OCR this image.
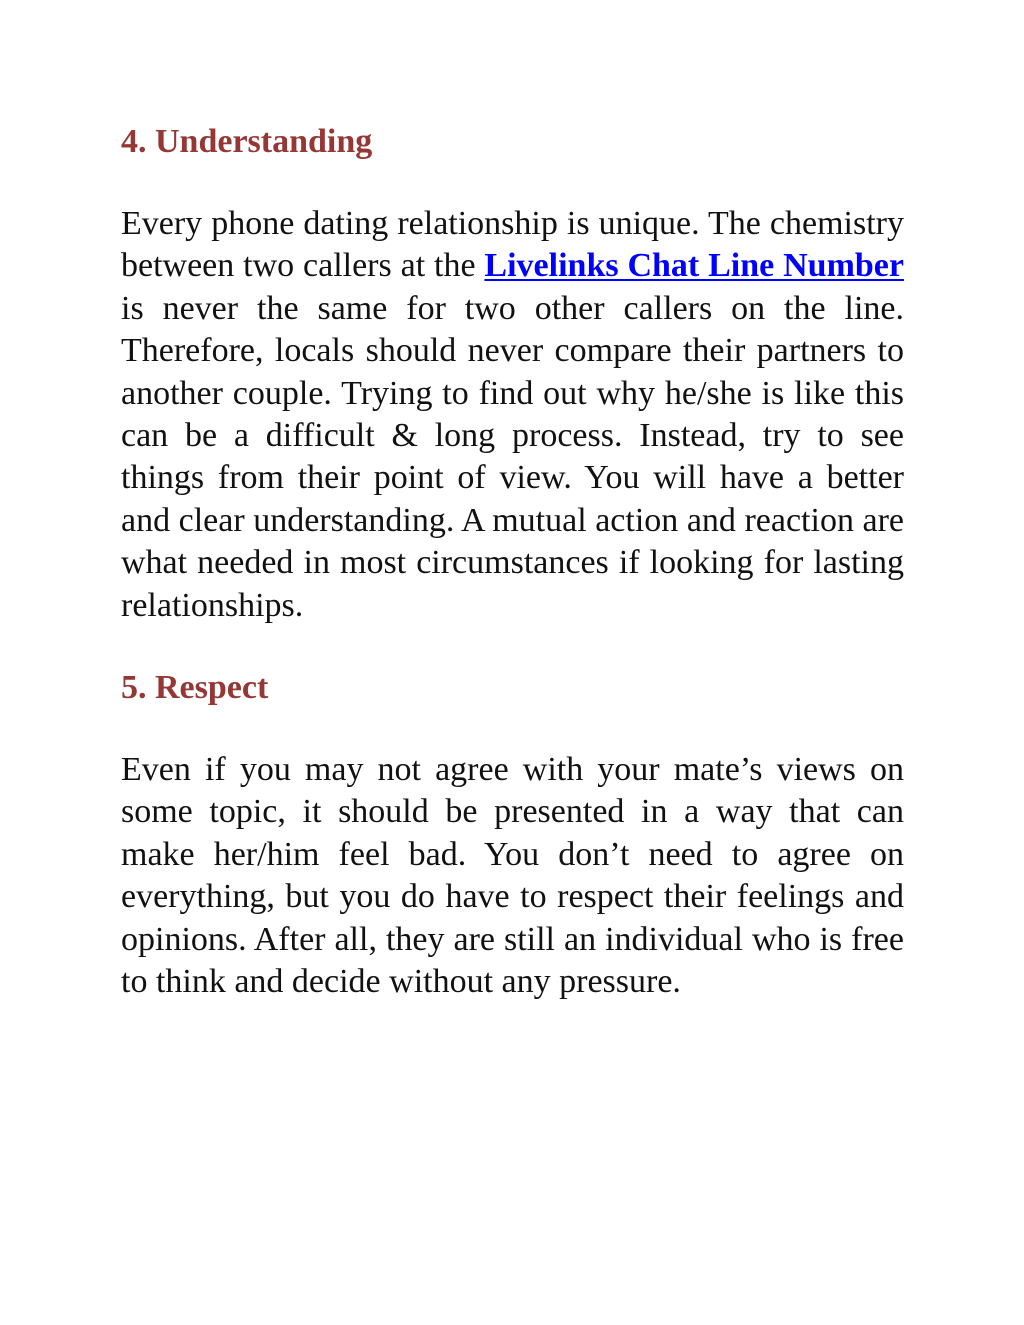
4. Understanding

Every phone dating relationship is unique. The chemistry between two callers at the Livelinks Chat Line Number is never the same for two other callers on the line. Therefore, locals should never compare their partners to another couple. Trying to find out why he/she is like this can be a difficult & long process. Instead, try to see things from their point of view. You will have a better and clear understanding. A mutual action and reaction are what needed in most circumstances if looking for lasting relationships.

5. Respect

Even if you may not agree with your mate’s views on some topic, it should be presented in a way that can make her/him feel bad. You don’t need to agree on everything, but you do have to respect their feelings and opinions. After all, they are still an individual who is free to think and decide without any pressure.
